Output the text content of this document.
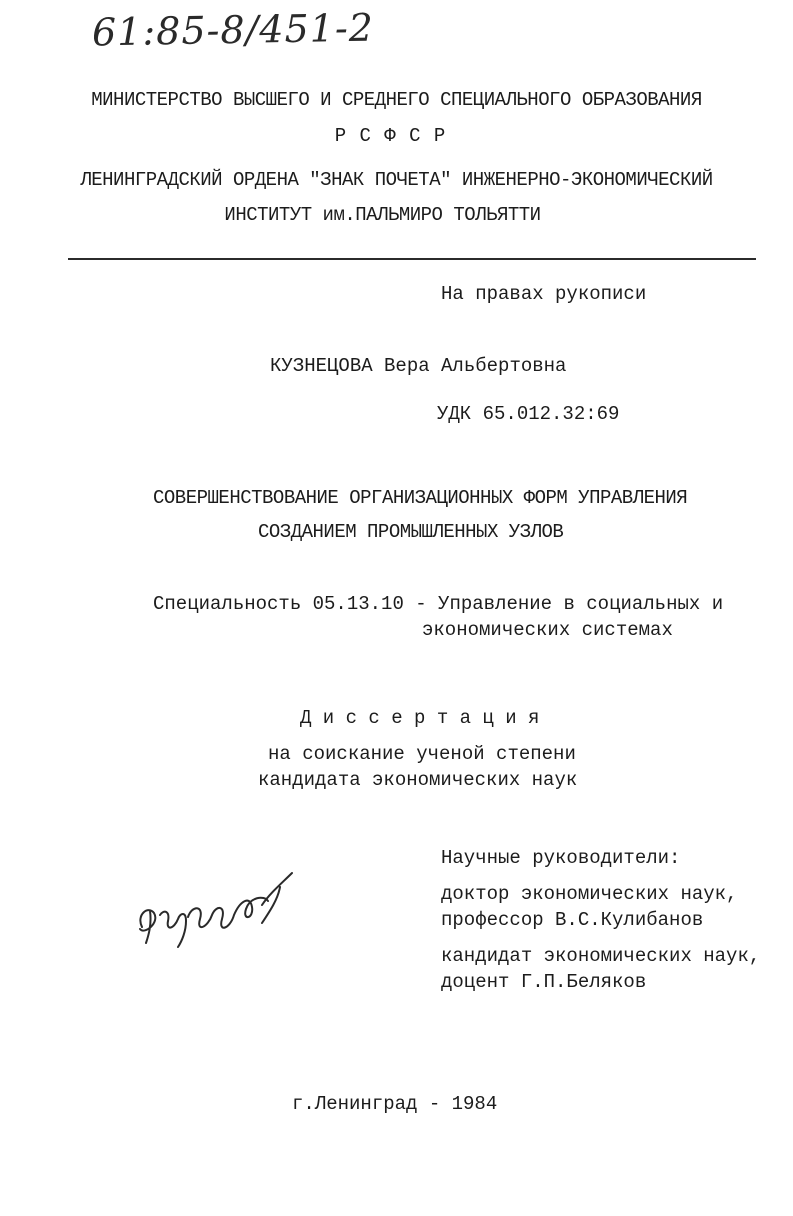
61:85-8/451-2
МИНИСТЕРСТВО ВЫСШЕГО И СРЕДНЕГО СПЕЦИАЛЬНОГО ОБРАЗОВАНИЯ
Р С Ф С Р
ЛЕНИНГРАДСКИЙ ОРДЕНА "ЗНАК ПОЧЕТА" ИНЖЕНЕРНО-ЭКОНОМИЧЕСКИЙ
ИНСТИТУТ им.ПАЛЬМИРО ТОЛЬЯТТИ
На правах рукописи
КУЗНЕЦОВА Вера Альбертовна
УДК 65.012.32:69
СОВЕРШЕНСТВОВАНИЕ ОРГАНИЗАЦИОННЫХ ФОРМ УПРАВЛЕНИЯ
СОЗДАНИЕМ ПРОМЫШЛЕННЫХ УЗЛОВ
Специальность 05.13.10 - Управление в социальных и
экономических системах
Д и с с е р т а ц и я
на соискание ученой степени
кандидата экономических наук
Научные руководители:
доктор экономических наук,
профессор В.С.Кулибанов
кандидат экономических наук,
доцент Г.П.Беляков
г.Ленинград - 1984
